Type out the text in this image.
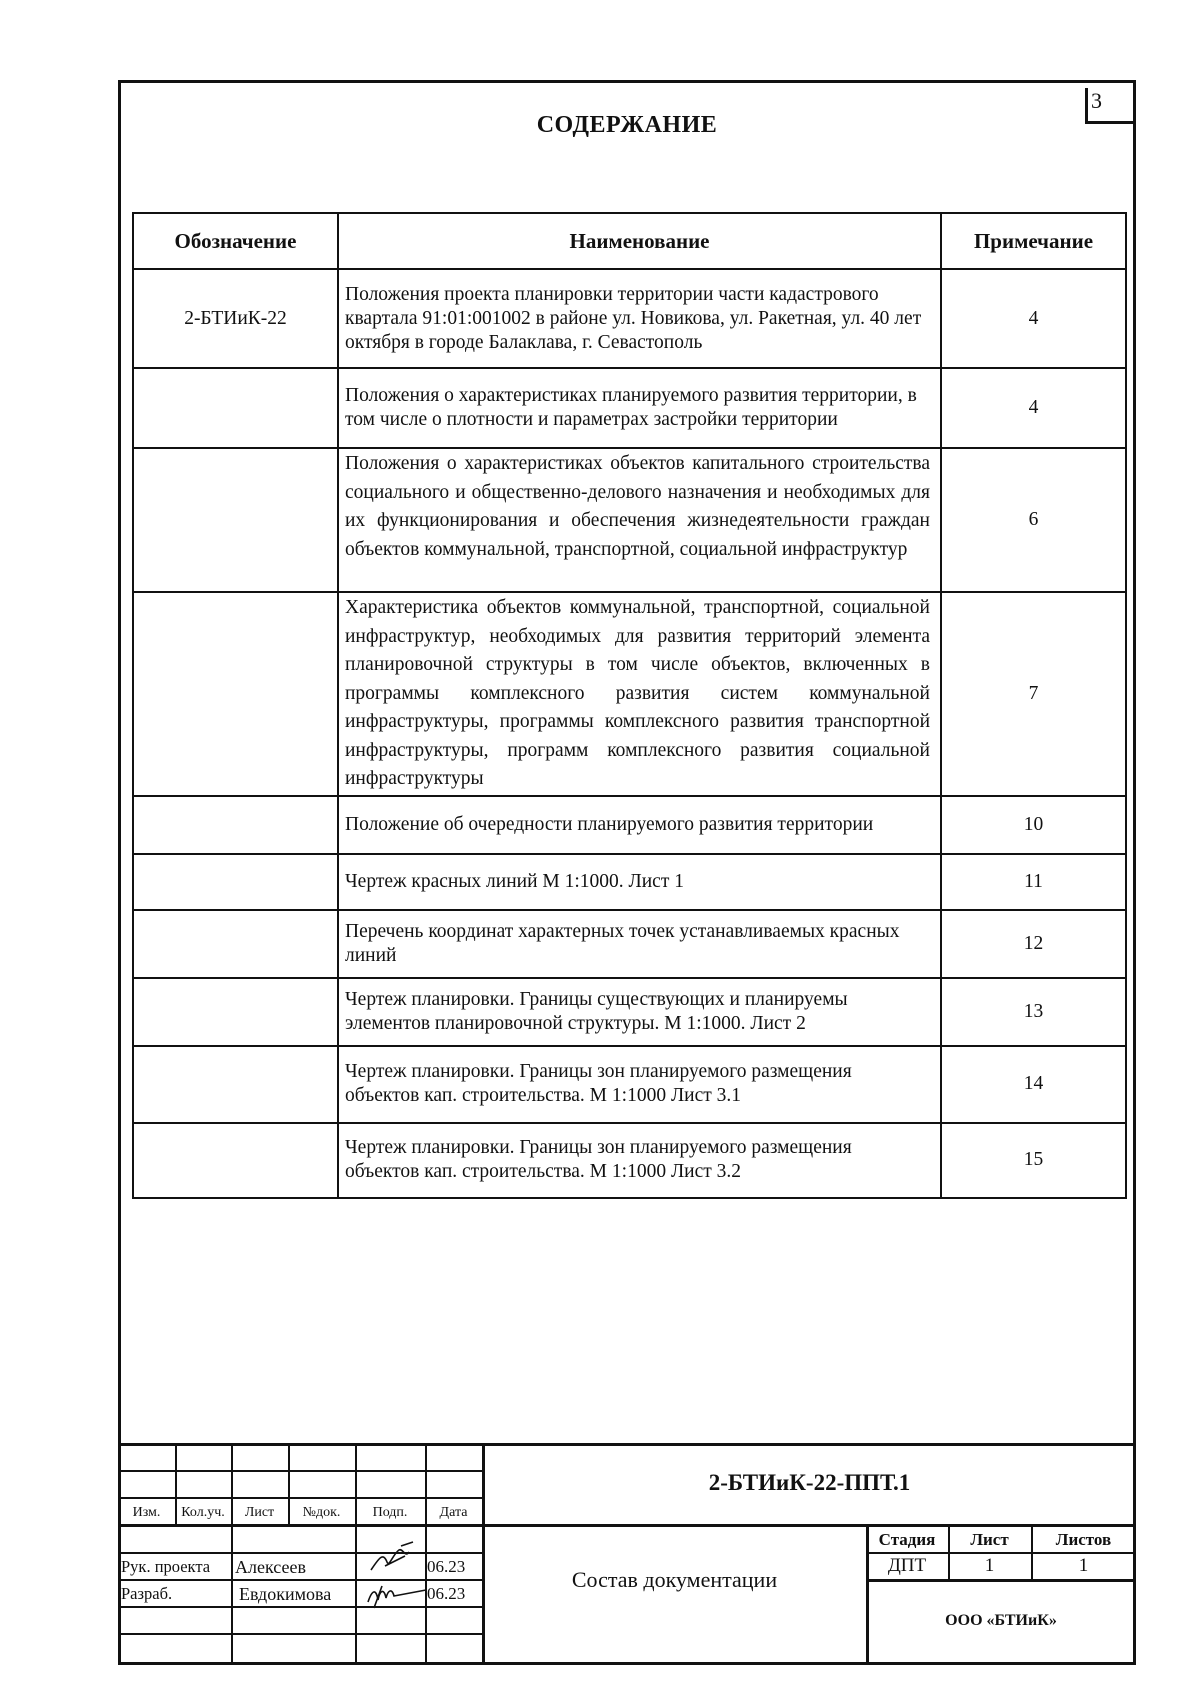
3
СОДЕРЖАНИЕ
Обозначение	Наименование	Примечание
2-БТИиК-22	Положения проекта планировки территории части кадастрового квартала 91:01:001002 в районе ул. Новикова, ул. Ракетная, ул. 40 лет октября в городе Балаклава, г. Севастополь	4
	Положения о характеристиках планируемого развития территории, в том числе о плотности и параметрах застройки территории	4
	Положения о характеристиках объектов капитального строительства социального и общественно-делового назначения и необходимых для их функционирования и обеспечения жизнедеятельности граждан объектов коммунальной, транспортной, социальной инфраструктур	6
	Характеристика объектов коммунальной, транспортной, социальной инфраструктур, необходимых для развития территорий элемента планировочной структуры в том числе объектов, включенных в программы комплексного развития систем коммунальной инфраструктуры, программы комплексного развития транспортной инфраструктуры, программ комплексного развития социальной инфраструктуры	7
	Положение об очередности планируемого развития территории	10
	Чертеж красных линий М 1:1000. Лист 1	11
	Перечень координат характерных точек устанавливаемых красных линий	12
	Чертеж планировки. Границы существующих и планируемы элементов планировочной структуры. М 1:1000. Лист 2	13
	Чертеж планировки. Границы зон планируемого размещения объектов кап. строительства. М 1:1000 Лист 3.1	14
	Чертеж планировки. Границы зон планируемого размещения объектов кап. строительства. М 1:1000 Лист 3.2	15
Изм.	Кол.уч.	Лист	№док.	Подп.	Дата
Рук. проекта Алексеев	06.23
Разраб.	Евдокимова	06.23
2-БТИиК-22-ППТ.1
Состав документации
Стадия	Лист	Листов
ДПТ	1	1
ООО «БТИиК»
